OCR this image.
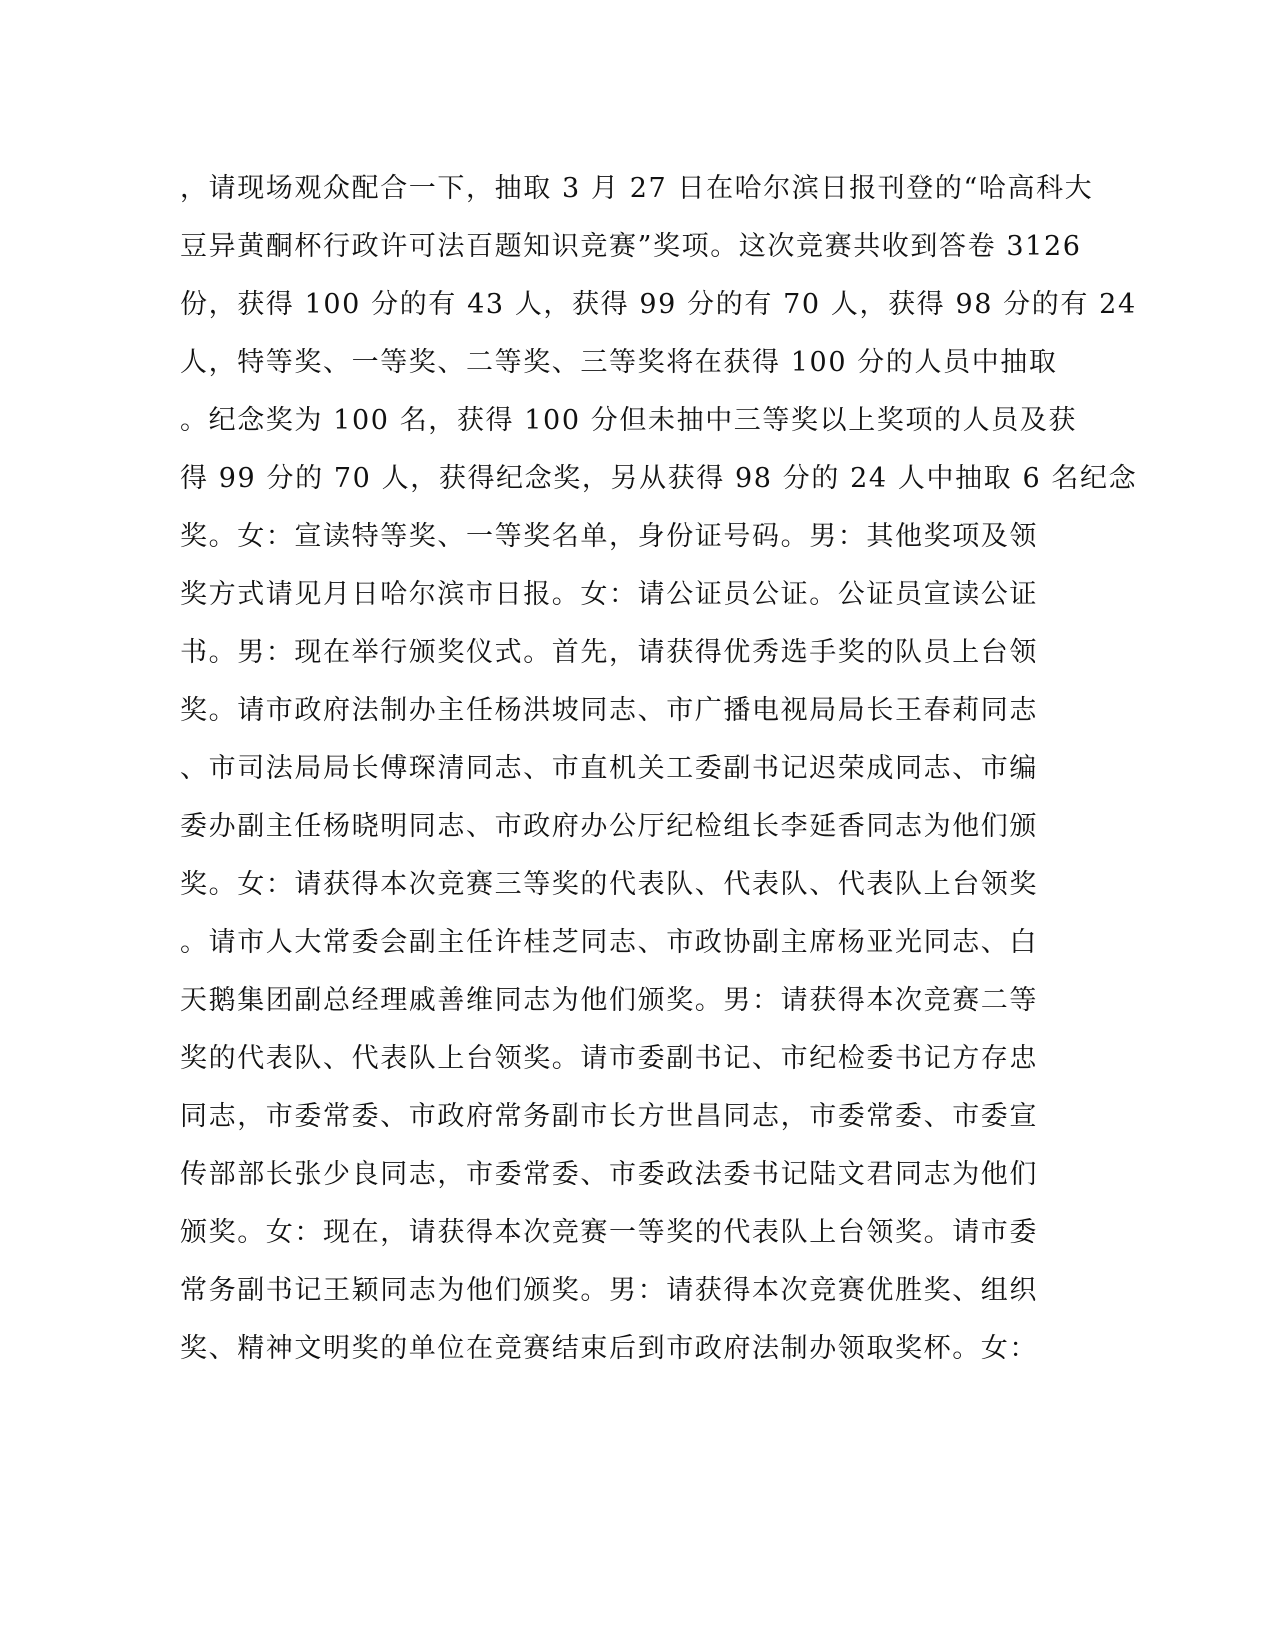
，请现场观众配合一下，抽取 3 月 27 日在哈尔滨日报刊登的“哈高科大
豆异黄酮杯行政许可法百题知识竞赛”奖项。这次竞赛共收到答卷 3126
份，获得 100 分的有 43 人，获得 99 分的有 70 人，获得 98 分的有 24
人，特等奖、一等奖、二等奖、三等奖将在获得 100 分的人员中抽取
。纪念奖为 100 名，获得 100 分但未抽中三等奖以上奖项的人员及获
得 99 分的 70 人，获得纪念奖，另从获得 98 分的 24 人中抽取 6 名纪念
奖。女：宣读特等奖、一等奖名单，身份证号码。男：其他奖项及领
奖方式请见月日哈尔滨市日报。女：请公证员公证。公证员宣读公证
书。男：现在举行颁奖仪式。首先，请获得优秀选手奖的队员上台领
奖。请市政府法制办主任杨洪坡同志、市广播电视局局长王春莉同志
、市司法局局长傅琛清同志、市直机关工委副书记迟荣成同志、市编
委办副主任杨晓明同志、市政府办公厅纪检组长李延香同志为他们颁
奖。女：请获得本次竞赛三等奖的代表队、代表队、代表队上台领奖
。请市人大常委会副主任许桂芝同志、市政协副主席杨亚光同志、白
天鹅集团副总经理戚善维同志为他们颁奖。男：请获得本次竞赛二等
奖的代表队、代表队上台领奖。请市委副书记、市纪检委书记方存忠
同志，市委常委、市政府常务副市长方世昌同志，市委常委、市委宣
传部部长张少良同志，市委常委、市委政法委书记陆文君同志为他们
颁奖。女：现在，请获得本次竞赛一等奖的代表队上台领奖。请市委
常务副书记王颖同志为他们颁奖。男：请获得本次竞赛优胜奖、组织
奖、精神文明奖的单位在竞赛结束后到市政府法制办领取奖杯。女：
